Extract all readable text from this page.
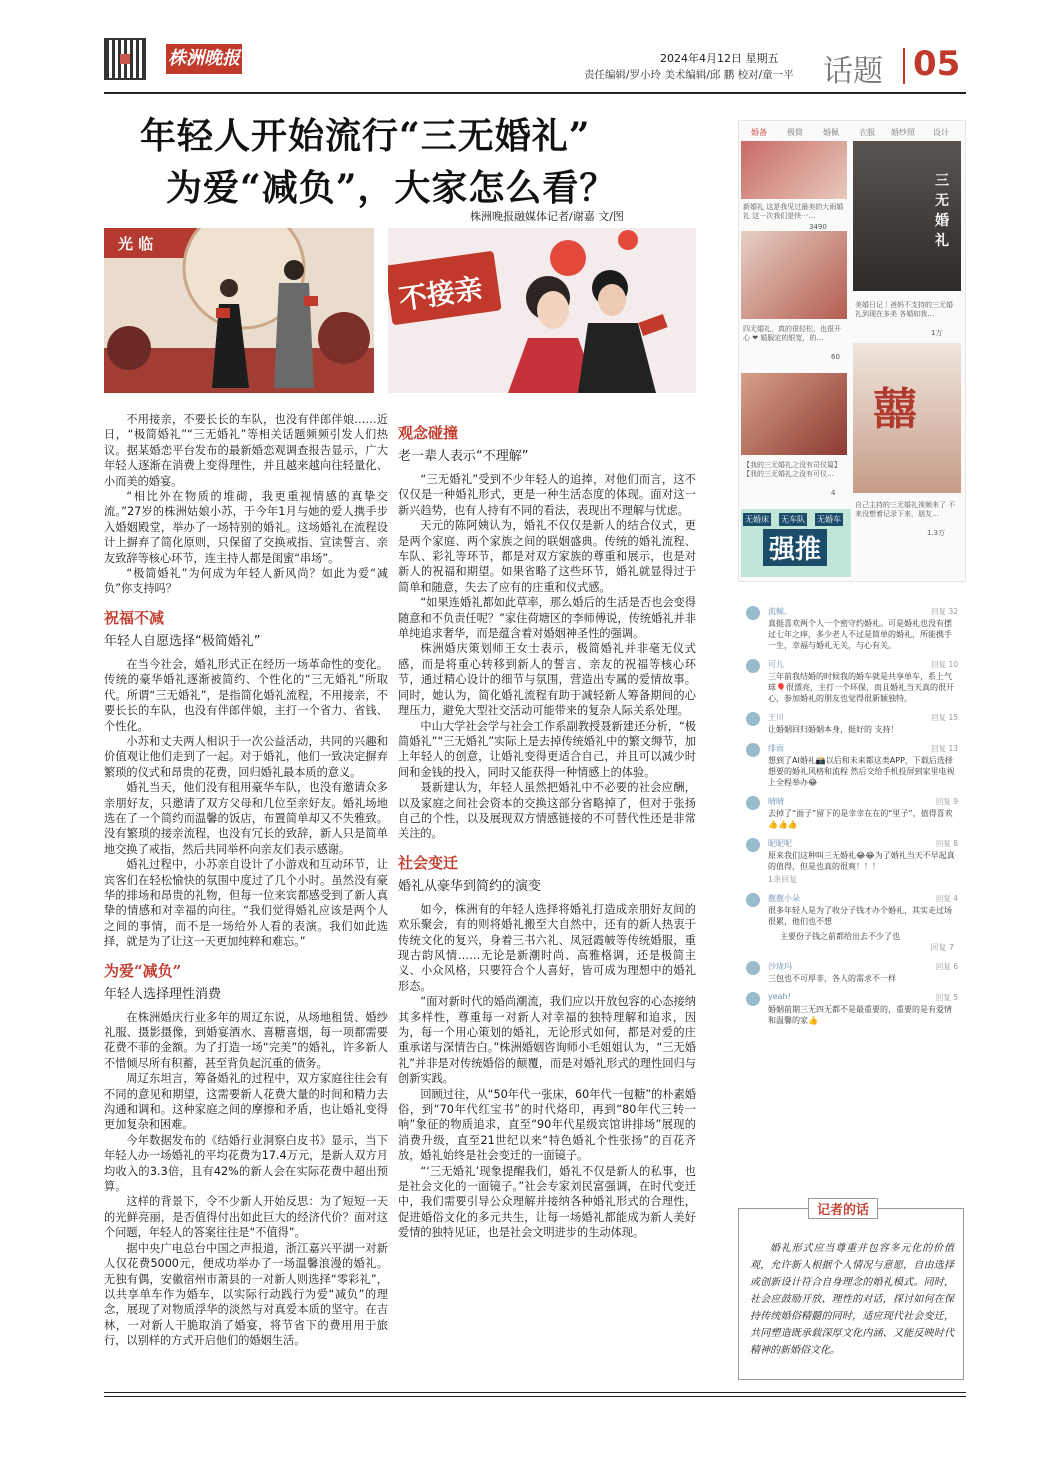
株洲晚报	2024年4月12日 星期五
责任编辑/罗小玲 美术编辑/邱 鹏 校对/童一平 话题 05
年轻人开始流行“三无婚礼”
为爱“减负”，大家怎么看？
株洲晚报融媒体记者/谢嘉 文/图
光 临
不接亲

不用接亲，不要长长的车队，也没有伴郎伴娘……近日，“极简婚礼”“三无婚礼”等相关话题频频引发人们热议。据某婚恋平台发布的最新婚恋观调查报告显示，广大年轻人逐渐在消费上变得理性，并且越来越向往轻量化、小而美的婚宴。

“相比外在物质的堆砌，我更重视情感的真挚交流。”27岁的株洲姑娘小苏，于今年1月与她的爱人携手步入婚姻殿堂，举办了一场特别的婚礼。这场婚礼在流程设计上摒弃了简化原则，只保留了交换戒指、宣读誓言、亲友致辞等核心环节，连主持人都是闺蜜“串场”。

“极简婚礼”为何成为年轻人新风尚？如此为爱“减负”你支持吗？

祝福不减
年轻人自愿选择“极简婚礼”

在当今社会，婚礼形式正在经历一场革命性的变化。传统的豪华婚礼逐渐被简约、个性化的“三无婚礼”所取代。所谓“三无婚礼”，是指简化婚礼流程，不用接亲，不要长长的车队，也没有伴郎伴娘，主打一个省力、省钱、个性化。

小苏和丈夫两人相识于一次公益活动，共同的兴趣和价值观让他们走到了一起。对于婚礼，他们一致决定摒弃繁琐的仪式和昂贵的花费，回归婚礼最本质的意义。

婚礼当天，他们没有租用豪华车队，也没有邀请众多亲朋好友，只邀请了双方父母和几位至亲好友。婚礼场地选在了一个简约而温馨的饭店，布置简单却又不失雅致。没有繁琐的接亲流程，也没有冗长的致辞，新人只是简单地交换了戒指，然后共同举杯向亲友们表示感谢。

婚礼过程中，小苏亲自设计了小游戏和互动环节，让宾客们在轻松愉快的氛围中度过了几个小时。虽然没有豪华的排场和昂贵的礼物，但每一位来宾都感受到了新人真挚的情感和对幸福的向往。“我们觉得婚礼应该是两个人之间的事情，而不是一场给外人看的表演。我们如此选择，就是为了让这一天更加纯粹和难忘。”

为爱“减负”
年轻人选择理性消费

在株洲婚庆行业多年的周辽东说，从场地租赁、婚纱礼服、摄影摄像，到婚宴酒水、喜糖喜烟，每一项都需要花费不菲的金额。为了打造一场“完美”的婚礼，许多新人不惜倾尽所有积蓄，甚至背负起沉重的债务。

周辽东坦言，筹备婚礼的过程中，双方家庭往往会有不同的意见和期望，这需要新人花费大量的时间和精力去沟通和调和。这种家庭之间的摩擦和矛盾，也让婚礼变得更加复杂和困难。

今年数据发布的《结婚行业洞察白皮书》显示，当下年轻人办一场婚礼的平均花费为17.4万元，是新人双方月均收入的3.3倍，且有42%的新人会在实际花费中超出预算。

这样的背景下，令不少新人开始反思：为了短短一天的光鲜亮丽，是否值得付出如此巨大的经济代价？面对这个问题，年轻人的答案往往是“不值得”。

据中央广电总台中国之声报道，浙江嘉兴平湖一对新人仅花费5000元，便成功举办了一场温馨浪漫的婚礼。无独有偶，安徽宿州市萧县的一对新人则选择“零彩礼”，以共享单车作为婚车，以实际行动践行为爱“减负”的理念，展现了对物质浮华的淡然与对真爱本质的坚守。在吉林，一对新人干脆取消了婚宴，将节省下的费用用于旅行，以别样的方式开启他们的婚姻生活。

观念碰撞
老一辈人表示“不理解”

“三无婚礼”受到不少年轻人的追捧，对他们而言，这不仅仅是一种婚礼形式，更是一种生活态度的体现。面对这一新兴趋势，也有人持有不同的看法，表现出不理解与忧虑。

天元的陈阿姨认为，婚礼不仅仅是新人的结合仪式，更是两个家庭、两个家族之间的联姻盛典。传统的婚礼流程、车队、彩礼等环节，都是对双方家族的尊重和展示，也是对新人的祝福和期望。如果省略了这些环节，婚礼就显得过于简单和随意，失去了应有的庄重和仪式感。

“如果连婚礼都如此草率，那么婚后的生活是否也会变得随意和不负责任呢？”家住荷塘区的李师傅说，传统婚礼并非单纯追求奢华，而是蕴含着对婚姻神圣性的强调。

株洲婚庆策划师王女士表示，极简婚礼并非毫无仪式感，而是将重心转移到新人的誓言、亲友的祝福等核心环节，通过精心设计的细节与氛围，营造出专属的爱情故事。同时，她认为，简化婚礼流程有助于减轻新人筹备期间的心理压力，避免大型社交活动可能带来的复杂人际关系处理。

中山大学社会学与社会工作系副教授聂新建还分析，“极简婚礼”“三无婚礼”实际上是去掉传统婚礼中的繁文缛节，加上年轻人的创意，让婚礼变得更适合自己，并且可以减少时间和金钱的投入，同时又能获得一种情感上的体验。

聂新建认为，年轻人虽然把婚礼中不必要的社会应酬，以及家庭之间社会资本的交换这部分省略掉了，但对于张扬自己的个性，以及展现双方情感链接的不可替代性还是非常关注的。

社会变迁
婚礼从豪华到简约的演变

如今，株洲有的年轻人选择将婚礼打造成亲朋好友间的欢乐聚会，有的则将婚礼搬至大自然中，还有的新人热衷于传统文化的复兴，身着三书六礼、凤冠霞帔等传统婚服，重现古韵风情……无论是新潮时尚、高雅格调，还是极简主义、小众风格，只要符合个人喜好，皆可成为理想中的婚礼形态。

“面对新时代的婚尚潮流，我们应以开放包容的心态接纳其多样性，尊重每一对新人对幸福的独特理解和追求，因为，每一个用心策划的婚礼，无论形式如何，都是对爱的庄重承诺与深情告白。”株洲婚姻咨询师小毛姐姐认为，“三无婚礼”并非是对传统婚俗的颠覆，而是对婚礼形式的理性回归与创新实践。

回顾过往，从“50年代一张床，60年代一包糖”的朴素婚俗，到“70年代红宝书”的时代烙印，再到“80年代三转一响”象征的物质追求，直至“90年代星级宾馆讲排场”展现的消费升级，直至21世纪以来“特色婚礼个性张扬”的百花齐放，婚礼始终是社会变迁的一面镜子。

“‘三无婚礼’现象提醒我们，婚礼不仅是新人的私事，也是社会文化的一面镜子。”社会专家刘民富强调，在时代变迁中，我们需要引导公众理解并接纳各种婚礼形式的合理性，促进婚俗文化的多元共生，让每一场婚礼都能成为新人美好爱情的独特见证，也是社会文明进步的生动体现。

婚备	极简	婚佩	衣服 婚纱照 设计
新婚礼 这是我见过最美的大雨婚礼 这一次我们是快一…
3490
三无婚礼
美婚日记｜爸妈不支持的三无婚礼到现在多美 各婚如我…
1万
四无婚礼，真的很轻松，也很开心 ❤ 婚服定的银宽，的…
60
【我的三无婚礼之没有司仪篇】【我的三无婚礼之没有可仪…
4
囍
自己主持的三无婚礼视频来了 不来没想着记录下来，朋友…
1.3万
无婚床 无车队 无婚车
强推
流鲸。	回复 32
真挺喜欢两个人一个密守约婚礼。可是婚礼也没有摆过七年之痒，多少老人不过是简单的婚礼，所能携手一生，幸福与婚礼无关，与心有关。
可儿	回复 10
三年前我结婚的时候我的婚车就是共享单车，系上气球🎈很漂亮，主打一个环保，而且婚礼当天真的很开心，参加婚礼的朋友也觉得很新颖独特。
王川	回复 15
让婚姻回归婚姻本身，挺好的 支持！
绯雨	回复 13
想到了AI婚礼📸以后和未来都这类APP，下载后选择想要的婚礼风格和流程 然后交给手机投屏到家里电视上全程举办😂
晴晴	回复 9
去掉了“面子”留下的是幸幸在在的“里子”，值得喜欢👍👍👍
昵昵呢	回复 8
原来我们这种叫三无婚礼😂😂为了婚礼当天不早起真的值得，但是也真的很爽！！！
1条回复
靓靓小朵	回复 4
很多年轻人是为了收分子钱才办个婚礼，其实走过场很累，他们也不想
主要份子钱之前都给出去不少了也
回复 7
沙珑玛	回复 6
三包也不可厚非，各人的需求不一样
yeah!	回复 5
婚姻前期三无四无都不是最重要的，重要的是有爱情和温馨的家👍
记者的话
婚礼形式应当尊重并包容多元化的价值观，允许新人根据个人情况与意愿，自由选择或创新设计符合自身理念的婚礼模式。同时，社会应鼓励开放、理性的对话，探讨如何在保持传统婚俗精髓的同时，适应现代社会变迁，共同塑造既承载深厚文化内涵、又能反映时代精神的新婚俗文化。
